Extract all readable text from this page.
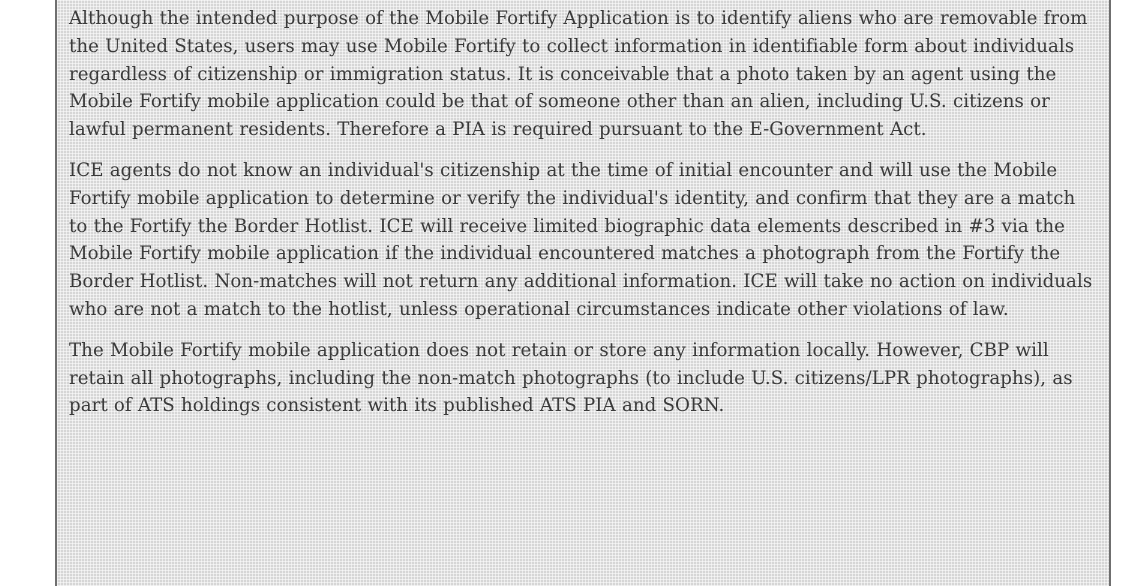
Although the intended purpose of the Mobile Fortify Application is to identify aliens who are removable from the United States, users may use Mobile Fortify to collect information in identifiable form about individuals regardless of citizenship or immigration status. It is conceivable that a photo taken by an agent using the Mobile Fortify mobile application could be that of someone other than an alien, including U.S. citizens or lawful permanent residents. Therefore a PIA is required pursuant to the E-Government Act.

ICE agents do not know an individual's citizenship at the time of initial encounter and will use the Mobile Fortify mobile application to determine or verify the individual's identity, and confirm that they are a match to the Fortify the Border Hotlist. ICE will receive limited biographic data elements described in #3 via the Mobile Fortify mobile application if the individual encountered matches a photograph from the Fortify the Border Hotlist. Non-matches will not return any additional information. ICE will take no action on individuals who are not a match to the hotlist, unless operational circumstances indicate other violations of law.

The Mobile Fortify mobile application does not retain or store any information locally. However, CBP will retain all photographs, including the non-match photographs (to include U.S. citizens/LPR photographs), as part of ATS holdings consistent with its published ATS PIA and SORN.
